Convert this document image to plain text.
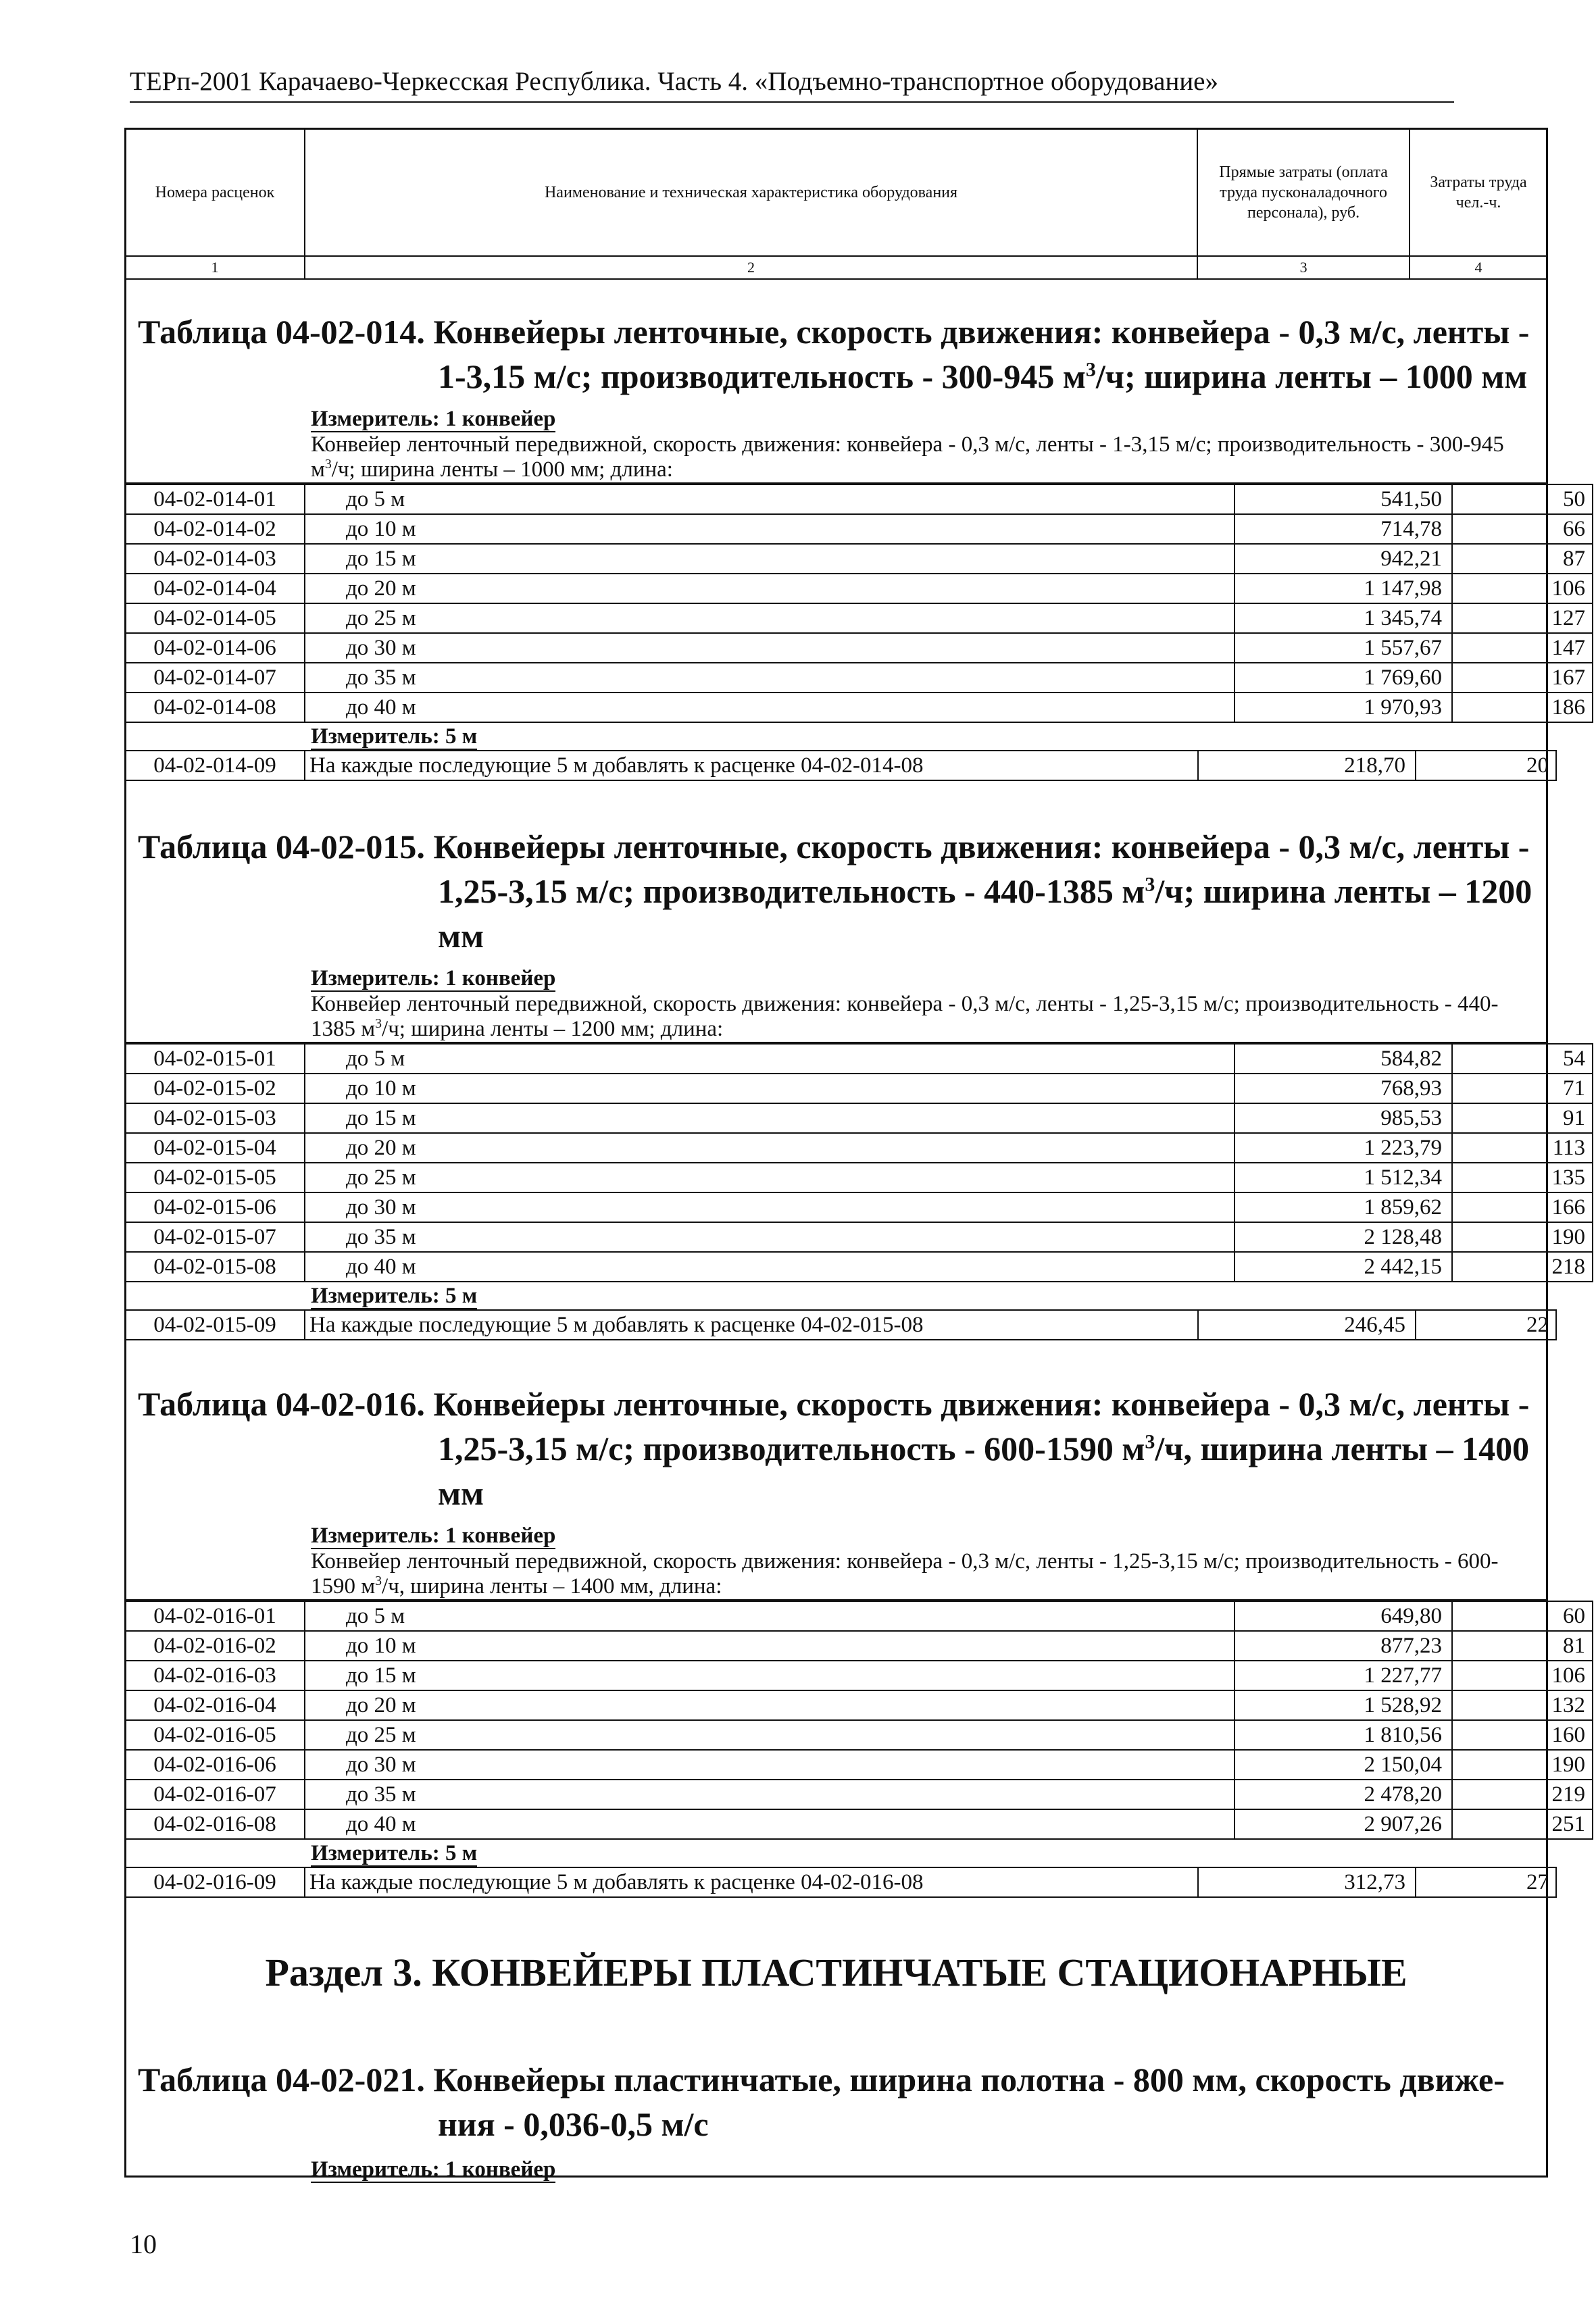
ТЕРп-2001 Карачаево-Черкесская Республика. Часть 4. «Подъемно-транспортное оборудование»
Номера расценок	Наименование и техническая характеристика оборудования	Прямые затраты (оплата труда пусконаладочного персонала), руб.	Затраты труда чел.-ч.
1	2	3	4

Таблица 04-02-014. Конвейеры ленточные, скорость движения: конвейера - 0,3 м/с, ленты -
1-3,15 м/с; производительность - 300-945 $м^3/ч$; ширина ленты – 1000 мм

Измеритель: 1 конвейер
Конвейер ленточный передвижной, скорость движения: конвейера - 0,3 м/с, ленты - 1-3,15 м/с; производительность - 300-945 $м^3/ч$; ширина ленты – 1000 мм; длина:
04-02-014-01	до 5 м	541,50	50
04-02-014-02	до 10 м	714,78	66
04-02-014-03	до 15 м	942,21	87
04-02-014-04	до 20 м	1 147,98	106
04-02-014-05	до 25 м	1 345,74	127
04-02-014-06	до 30 м	1 557,67	147
04-02-014-07	до 35 м	1 769,60	167
04-02-014-08	до 40 м	1 970,93	186
Измеритель: 5 м
04-02-014-09	На каждые последующие 5 м добавлять к расценке 04-02-014-08	218,70	20

Таблица 04-02-015. Конвейеры ленточные, скорость движения: конвейера - 0,3 м/с, ленты -
1,25-3,15 м/с; производительность - 440-1385 $м^3/ч$; ширина ленты – 1200 мм

Измеритель: 1 конвейер
Конвейер ленточный передвижной, скорость движения: конвейера - 0,3 м/с, ленты - 1,25-3,15 м/с; производительность - 440-1385 $м^3/ч$; ширина ленты – 1200 мм; длина:
04-02-015-01	до 5 м	584,82	54
04-02-015-02	до 10 м	768,93	71
04-02-015-03	до 15 м	985,53	91
04-02-015-04	до 20 м	1 223,79	113
04-02-015-05	до 25 м	1 512,34	135
04-02-015-06	до 30 м	1 859,62	166
04-02-015-07	до 35 м	2 128,48	190
04-02-015-08	до 40 м	2 442,15	218
Измеритель: 5 м
04-02-015-09	На каждые последующие 5 м добавлять к расценке 04-02-015-08	246,45	22

Таблица 04-02-016. Конвейеры ленточные, скорость движения: конвейера - 0,3 м/с, ленты -
1,25-3,15 м/с; производительность - 600-1590 $м^3/ч$, ширина ленты – 1400 мм

Измеритель: 1 конвейер
Конвейер ленточный передвижной, скорость движения: конвейера - 0,3 м/с, ленты - 1,25-3,15 м/с; производительность - 600-1590 $м^3/ч$, ширина ленты – 1400 мм, длина:
04-02-016-01	до 5 м	649,80	60
04-02-016-02	до 10 м	877,23	81
04-02-016-03	до 15 м	1 227,77	106
04-02-016-04	до 20 м	1 528,92	132
04-02-016-05	до 25 м	1 810,56	160
04-02-016-06	до 30 м	2 150,04	190
04-02-016-07	до 35 м	2 478,20	219
04-02-016-08	до 40 м	2 907,26	251
Измеритель: 5 м
04-02-016-09	На каждые последующие 5 м добавлять к расценке 04-02-016-08	312,73	27
Раздел 3. КОНВЕЙЕРЫ ПЛАСТИНЧАТЫЕ СТАЦИОНАРНЫЕ

Таблица 04-02-021. Конвейеры пластинчатые, ширина полотна - 800 мм, скорость движе-
ния - 0,036-0,5 м/с

Измеритель: 1 конвейер
10
